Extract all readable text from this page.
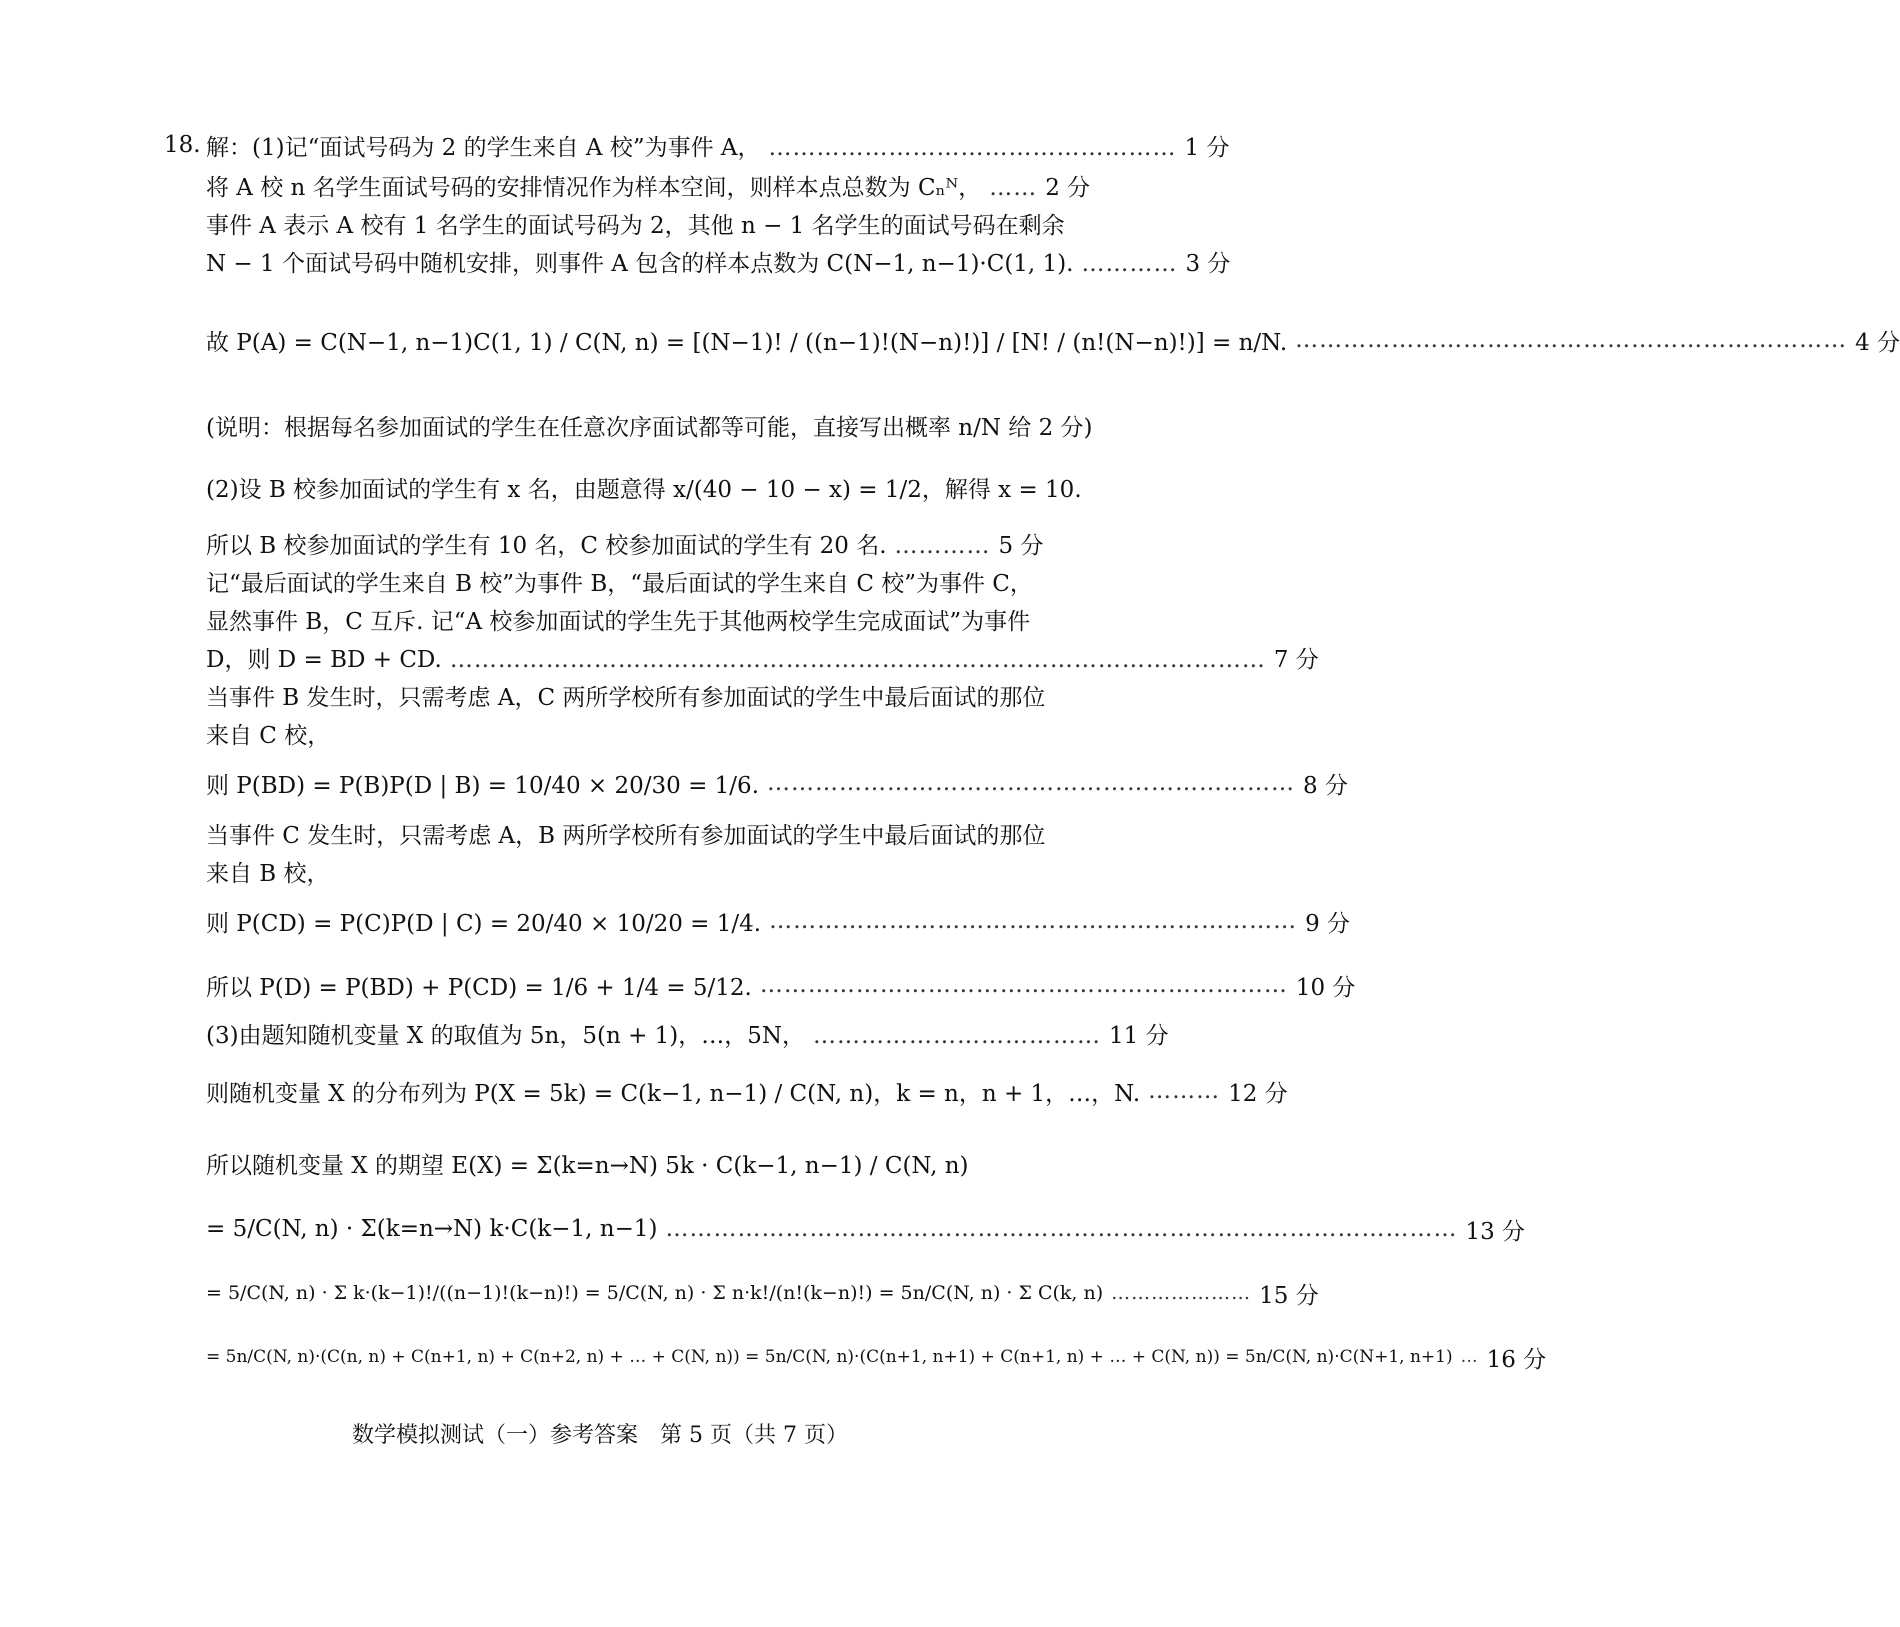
18. 解：(1)记“面试号码为 2 的学生来自 A 校”为事件 A， …………………………………………… 1 分
将 A 校 n 名学生面试号码的安排情况作为样本空间，则样本点总数为 Cₙᴺ， …… 2 分
事件 A 表示 A 校有 1 名学生的面试号码为 2，其他 n − 1 名学生的面试号码在剩余
N − 1 个面试号码中随机安排，则事件 A 包含的样本点数为 C(N−1, n−1)·C(1, 1). ………… 3 分
故 P(A) = C(N−1, n−1)C(1, 1) / C(N, n) = [(N−1)! / ((n−1)!(N−n)!)] / [N! / (n!(N−n)!)] = n/N. …………………………………………………………… 4 分
(说明：根据每名参加面试的学生在任意次序面试都等可能，直接写出概率 n/N 给 2 分)
(2)设 B 校参加面试的学生有 x 名，由题意得 x/(40 − 10 − x) = 1/2，解得 x = 10.
所以 B 校参加面试的学生有 10 名，C 校参加面试的学生有 20 名. ………… 5 分
记“最后面试的学生来自 B 校”为事件 B，“最后面试的学生来自 C 校”为事件 C，
显然事件 B，C 互斥. 记“A 校参加面试的学生先于其他两校学生完成面试”为事件
D，则 D = BD + CD. ………………………………………………………………………………………… 7 分
当事件 B 发生时，只需考虑 A，C 两所学校所有参加面试的学生中最后面试的那位
来自 C 校，
则 P(BD) = P(B)P(D | B) = 10/40 × 20/30 = 1/6. ………………………………………………………… 8 分
当事件 C 发生时，只需考虑 A，B 两所学校所有参加面试的学生中最后面试的那位
来自 B 校，
则 P(CD) = P(C)P(D | C) = 20/40 × 10/20 = 1/4. ………………………………………………………… 9 分
所以 P(D) = P(BD) + P(CD) = 1/6 + 1/4 = 5/12. ………………………………………………………… 10 分
(3)由题知随机变量 X 的取值为 5n，5(n + 1)，…，5N， ……………………………… 11 分
则随机变量 X 的分布列为 P(X = 5k) = C(k−1, n−1) / C(N, n)，k = n，n + 1，…，N. ……… 12 分
所以随机变量 X 的期望 E(X) = Σ(k=n→N) 5k · C(k−1, n−1) / C(N, n)
= 5/C(N, n) · Σ(k=n→N) k·C(k−1, n−1) ……………………………………………………………………………………… 13 分
= 5/C(N, n) · Σ k·(k−1)!/((n−1)!(k−n)!) = 5/C(N, n) · Σ n·k!/(n!(k−n)!) = 5n/C(N, n) · Σ C(k, n) ………………… 15 分
= 5n/C(N, n)·(C(n, n) + C(n+1, n) + C(n+2, n) + … + C(N, n)) = 5n/C(N, n)·(C(n+1, n+1) + C(n+1, n) + … + C(N, n)) = 5n/C(N, n)·C(N+1, n+1) … 16 分
数学模拟测试（一）参考答案　第 5 页（共 7 页）
